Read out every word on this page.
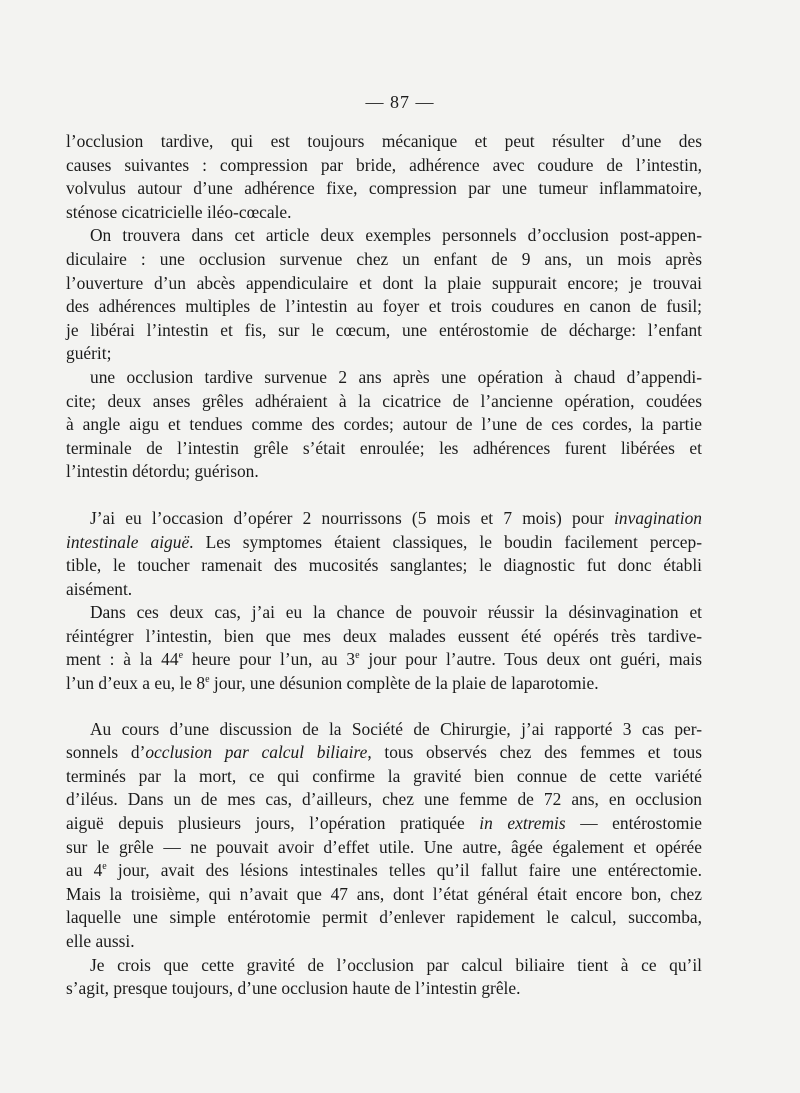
— 87 —

l’occlusion tardive, qui est toujours mécanique et peut résulter d’une des
causes suivantes : compression par bride, adhérence avec coudure de l’intestin,
volvulus autour d’une adhérence fixe, compression par une tumeur inflammatoire,
sténose cicatricielle iléo-cœcale.

On trouvera dans cet article deux exemples personnels d’occlusion post-appen-
diculaire : une occlusion survenue chez un enfant de 9 ans, un mois après
l’ouverture d’un abcès appendiculaire et dont la plaie suppurait encore; je trouvai
des adhérences multiples de l’intestin au foyer et trois coudures en canon de fusil;
je libérai l’intestin et fis, sur le cœcum, une entérostomie de décharge: l’enfant
guérit;

une occlusion tardive survenue 2 ans après une opération à chaud d’appendi-
cite; deux anses grêles adhéraient à la cicatrice de l’ancienne opération, coudées
à angle aigu et tendues comme des cordes; autour de l’une de ces cordes, la partie
terminale de l’intestin grêle s’était enroulée; les adhérences furent libérées et
l’intestin détordu; guérison.

J’ai eu l’occasion d’opérer 2 nourrissons (5 mois et 7 mois) pour invagination
intestinale aiguë. Les symptomes étaient classiques, le boudin facilement percep-
tible, le toucher ramenait des mucosités sanglantes; le diagnostic fut donc établi
aisément.

Dans ces deux cas, j’ai eu la chance de pouvoir réussir la désinvagination et
réintégrer l’intestin, bien que mes deux malades eussent été opérés très tardive-
ment : à la 44e heure pour l’un, au 3e jour pour l’autre. Tous deux ont guéri, mais
l’un d’eux a eu, le 8e jour, une désunion complète de la plaie de laparotomie.

Au cours d’une discussion de la Société de Chirurgie, j’ai rapporté 3 cas per-
sonnels d’occlusion par calcul biliaire, tous observés chez des femmes et tous
terminés par la mort, ce qui confirme la gravité bien connue de cette variété
d’iléus. Dans un de mes cas, d’ailleurs, chez une femme de 72 ans, en occlusion
aiguë depuis plusieurs jours, l’opération pratiquée in extremis — entérostomie
sur le grêle — ne pouvait avoir d’effet utile. Une autre, âgée également et opérée
au 4e jour, avait des lésions intestinales telles qu’il fallut faire une entérectomie.
Mais la troisième, qui n’avait que 47 ans, dont l’état général était encore bon, chez
laquelle une simple entérotomie permit d’enlever rapidement le calcul, succomba,
elle aussi.

Je crois que cette gravité de l’occlusion par calcul biliaire tient à ce qu’il
s’agit, presque toujours, d’une occlusion haute de l’intestin grêle.
